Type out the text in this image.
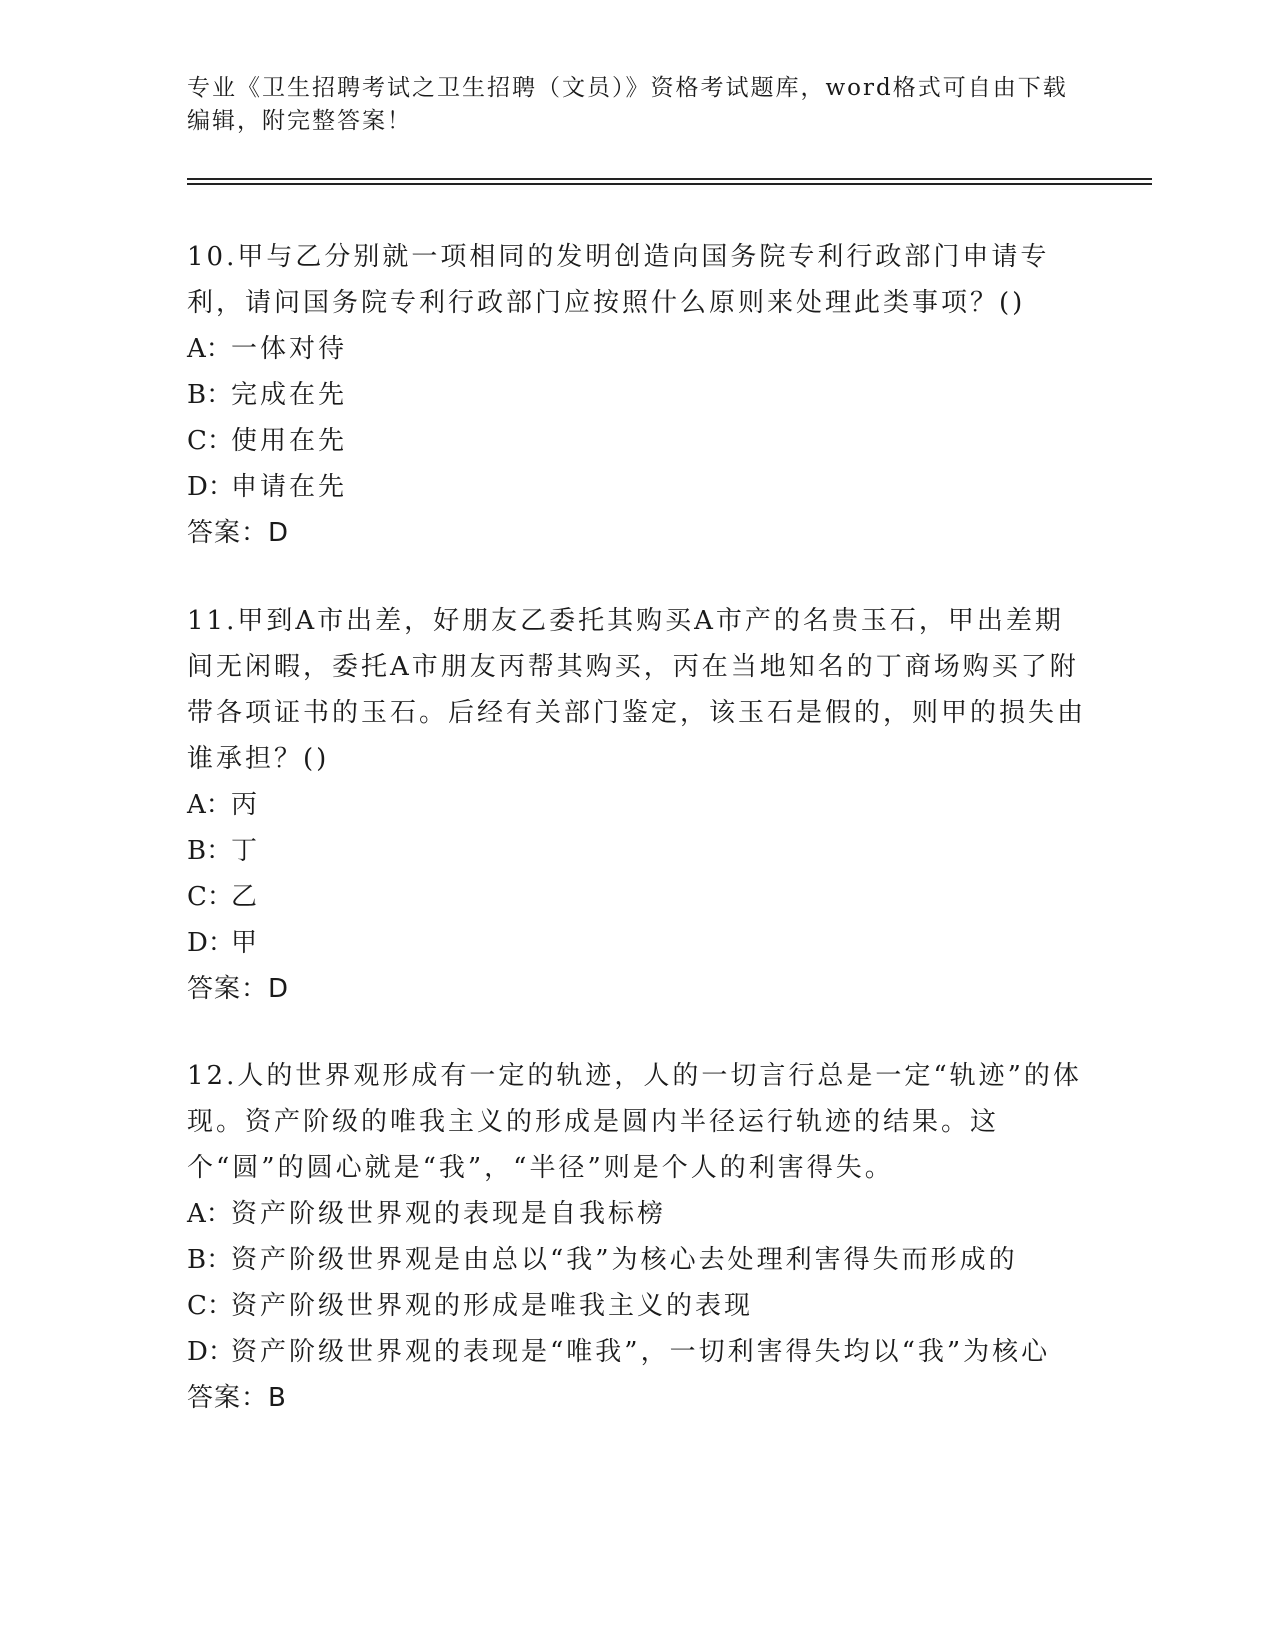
专业《卫生招聘考试之卫生招聘（文员）》资格考试题库，word格式可自由下载
编辑，附完整答案！

10.甲与乙分别就一项相同的发明创造向国务院专利行政部门申请专利，请问国务院专利行政部门应按照什么原则来处理此类事项？()

A：一体对待

B：完成在先

C：使用在先

D：申请在先

答案：D

11.甲到A市出差，好朋友乙委托其购买A市产的名贵玉石，甲出差期间无闲暇，委托A市朋友丙帮其购买，丙在当地知名的丁商场购买了附带各项证书的玉石。后经有关部门鉴定，该玉石是假的，则甲的损失由谁承担？()

A：丙

B：丁

C：乙

D：甲

答案：D

12.人的世界观形成有一定的轨迹，人的一切言行总是一定“轨迹”的体现。资产阶级的唯我主义的形成是圆内半径运行轨迹的结果。这个“圆”的圆心就是“我”，“半径”则是个人的利害得失。

A：资产阶级世界观的表现是自我标榜

B：资产阶级世界观是由总以“我”为核心去处理利害得失而形成的

C：资产阶级世界观的形成是唯我主义的表现

D：资产阶级世界观的表现是“唯我”，一切利害得失均以“我”为核心

答案：B
